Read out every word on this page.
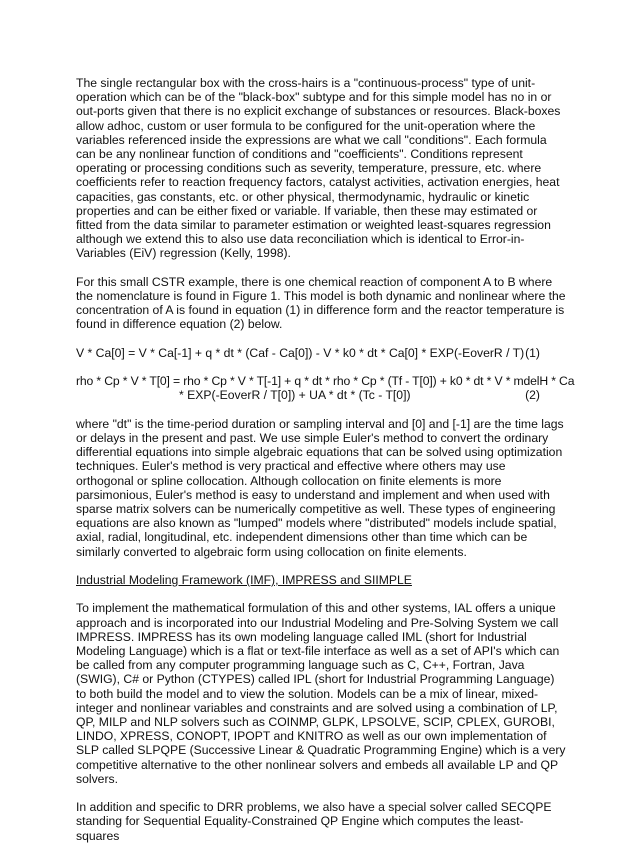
The single rectangular box with the cross-hairs is a "continuous-process" type of unit-operation which can be of the "black-box" subtype and for this simple model has no in or out-ports given that there is no explicit exchange of substances or resources. Black-boxes allow adhoc, custom or user formula to be configured for the unit-operation where the variables referenced inside the expressions are what we call "conditions". Each formula can be any nonlinear function of conditions and "coefficients". Conditions represent operating or processing conditions such as severity, temperature, pressure, etc. where coefficients refer to reaction frequency factors, catalyst activities, activation energies, heat capacities, gas constants, etc. or other physical, thermodynamic, hydraulic or kinetic properties and can be either fixed or variable. If variable, then these may estimated or fitted from the data similar to parameter estimation or weighted least-squares regression although we extend this to also use data reconciliation which is identical to Error-in-Variables (EiV) regression (Kelly, 1998).

For this small CSTR example, there is one chemical reaction of component A to B where the nomenclature is found in Figure 1. This model is both dynamic and nonlinear where the concentration of A is found in equation (1) in difference form and the reactor temperature is found in difference equation (2) below.

V * Ca[0] = V * Ca[-1] + q * dt * (Caf - Ca[0]) - V * k0 * dt * Ca[0] * EXP(-EoverR / T) (1)
rho * Cp * V * T[0] = rho * Cp * V * T[-1] + q * dt * rho * Cp * (Tf - T[0]) + k0 * dt * V * mdelH * Ca
* EXP(-EoverR / T[0]) + UA * dt * (Tc - T[0])	(2)

where "dt" is the time-period duration or sampling interval and [0] and [-1] are the time lags or delays in the present and past. We use simple Euler's method to convert the ordinary differential equations into simple algebraic equations that can be solved using optimization techniques. Euler's method is very practical and effective where others may use orthogonal or spline collocation. Although collocation on finite elements is more parsimonious, Euler's method is easy to understand and implement and when used with sparse matrix solvers can be numerically competitive as well. These types of engineering equations are also known as "lumped" models where "distributed" models include spatial, axial, radial, longitudinal, etc. independent dimensions other than time which can be similarly converted to algebraic form using collocation on finite elements.

Industrial Modeling Framework (IMF), IMPRESS and SIIMPLE

To implement the mathematical formulation of this and other systems, IAL offers a unique approach and is incorporated into our Industrial Modeling and Pre-Solving System we call IMPRESS. IMPRESS has its own modeling language called IML (short for Industrial Modeling Language) which is a flat or text-file interface as well as a set of API's which can be called from any computer programming language such as C, C++, Fortran, Java (SWIG), C# or Python (CTYPES) called IPL (short for Industrial Programming Language) to both build the model and to view the solution. Models can be a mix of linear, mixed-integer and nonlinear variables and constraints and are solved using a combination of LP, QP, MILP and NLP solvers such as COINMP, GLPK, LPSOLVE, SCIP, CPLEX, GUROBI, LINDO, XPRESS, CONOPT, IPOPT and KNITRO as well as our own implementation of SLP called SLPQPE (Successive Linear & Quadratic Programming Engine) which is a very competitive alternative to the other nonlinear solvers and embeds all available LP and QP solvers.

In addition and specific to DRR problems, we also have a special solver called SECQPE standing for Sequential Equality-Constrained QP Engine which computes the least-squares
